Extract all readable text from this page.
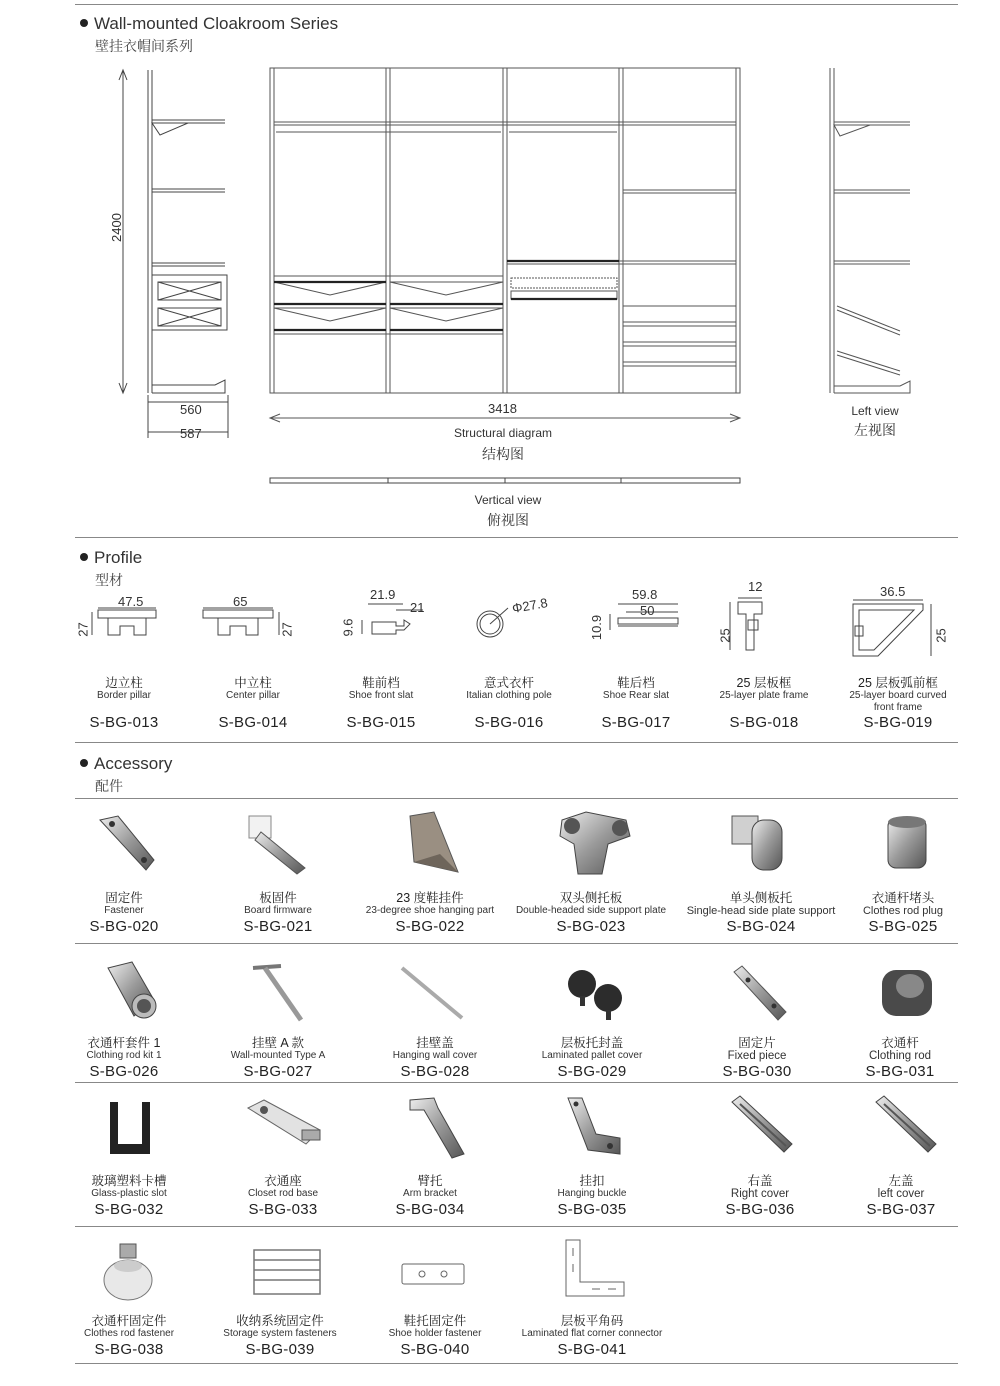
Wall-mounted Cloakroom Series
壁挂衣帽间系列
2400
560
587
3418
Structural diagram
结构图
Left view
左视图
Vertical view
俯视图
Profile
型材
47.5
27
65
27
21.9
21
9.6
Φ27.8
59.8
50
10.9
12
25
36.5
25
边立柱
Border pillar
S-BG-013
中立柱
Center pillar
S-BG-014
鞋前档
Shoe front slat
S-BG-015
意式衣杆
Italian clothing pole
S-BG-016
鞋后档
Shoe Rear slat
S-BG-017
25 层板框
25-layer plate frame
S-BG-018
25 层板弧前框
25-layer board curved front frame
S-BG-019
Accessory
配件
固定件
Fastener
S-BG-020
板固件
Board firmware
S-BG-021
23 度鞋挂件
23-degree shoe hanging part
S-BG-022
双头侧托板
Double-headed side support plate
S-BG-023
单头侧板托
Single-head side plate support
S-BG-024
衣通杆堵头
Clothes rod plug
S-BG-025
衣通杆套件 1
Clothing rod kit 1
S-BG-026
挂壁 A 款
Wall-mounted Type A
S-BG-027
挂壁盖
Hanging wall cover
S-BG-028
层板托封盖
Laminated pallet cover
S-BG-029
固定片
Fixed piece
S-BG-030
衣通杆
Clothing rod
S-BG-031
玻璃塑料卡槽
Glass-plastic slot
S-BG-032
衣通座
Closet rod base
S-BG-033
臂托
Arm bracket
S-BG-034
挂扣
Hanging buckle
S-BG-035
右盖
Right cover
S-BG-036
左盖
left cover
S-BG-037
衣通杆固定件
Clothes rod fastener
S-BG-038
收纳系统固定件
Storage system fasteners
S-BG-039
鞋托固定件
Shoe holder fastener
S-BG-040
层板平角码
Laminated flat corner connector
S-BG-041
